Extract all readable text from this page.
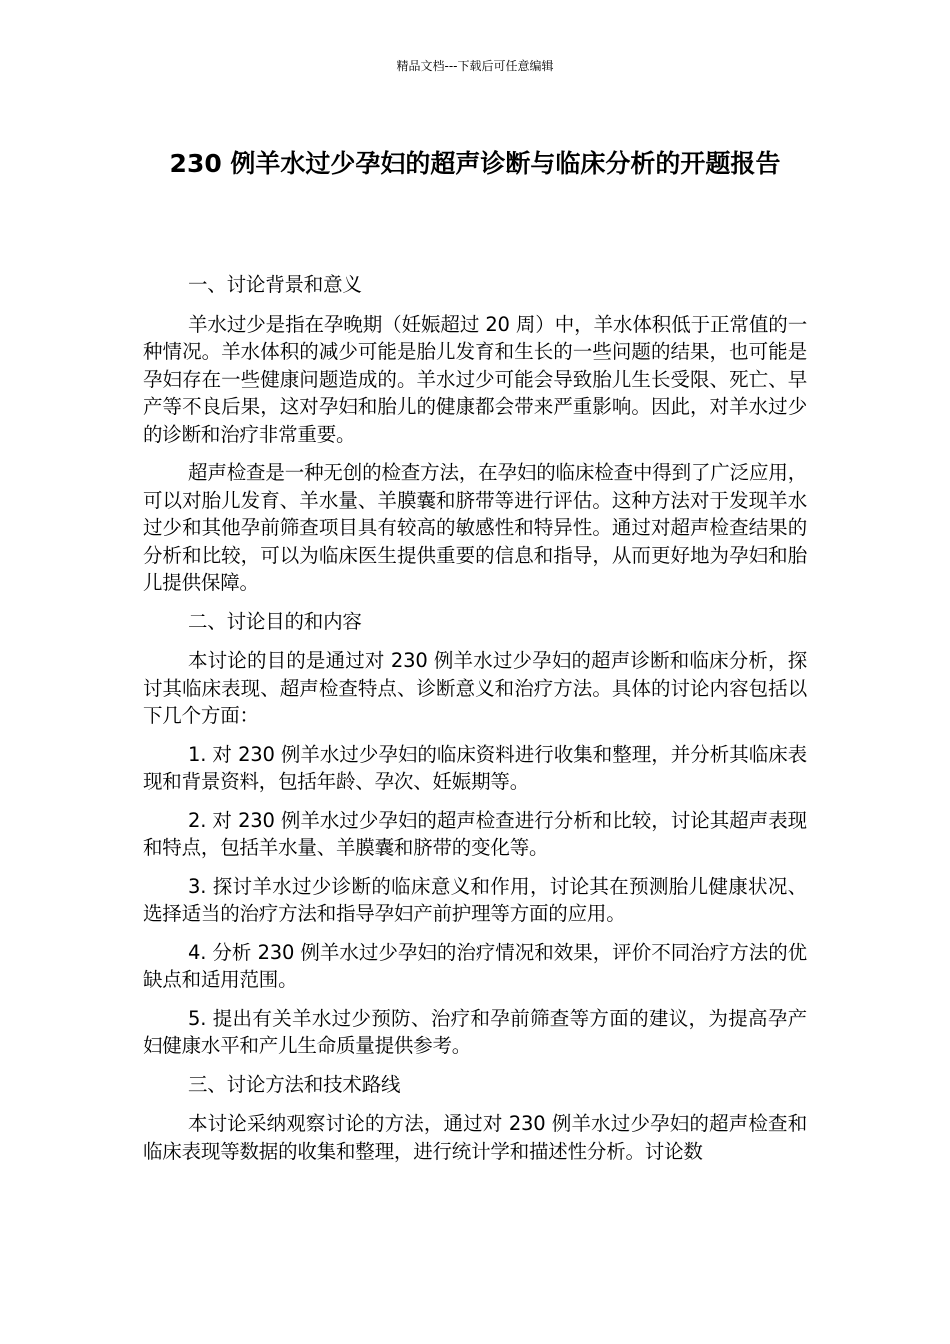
精品文档---下载后可任意编辑
230 例羊水过少孕妇的超声诊断与临床分析的开题报告

一、讨论背景和意义

羊水过少是指在孕晚期（妊娠超过 20 周）中，羊水体积低于正常值的一种情况。羊水体积的减少可能是胎儿发育和生长的一些问题的结果，也可能是孕妇存在一些健康问题造成的。羊水过少可能会导致胎儿生长受限、死亡、早产等不良后果，这对孕妇和胎儿的健康都会带来严重影响。因此，对羊水过少的诊断和治疗非常重要。

超声检查是一种无创的检查方法，在孕妇的临床检查中得到了广泛应用，可以对胎儿发育、羊水量、羊膜囊和脐带等进行评估。这种方法对于发现羊水过少和其他孕前筛查项目具有较高的敏感性和特异性。通过对超声检查结果的分析和比较，可以为临床医生提供重要的信息和指导，从而更好地为孕妇和胎儿提供保障。

二、讨论目的和内容

本讨论的目的是通过对 230 例羊水过少孕妇的超声诊断和临床分析，探讨其临床表现、超声检查特点、诊断意义和治疗方法。具体的讨论内容包括以下几个方面：

1. 对 230 例羊水过少孕妇的临床资料进行收集和整理，并分析其临床表现和背景资料，包括年龄、孕次、妊娠期等。

2. 对 230 例羊水过少孕妇的超声检查进行分析和比较，讨论其超声表现和特点，包括羊水量、羊膜囊和脐带的变化等。

3. 探讨羊水过少诊断的临床意义和作用，讨论其在预测胎儿健康状况、选择适当的治疗方法和指导孕妇产前护理等方面的应用。

4. 分析 230 例羊水过少孕妇的治疗情况和效果，评价不同治疗方法的优缺点和适用范围。

5. 提出有关羊水过少预防、治疗和孕前筛查等方面的建议，为提高孕产妇健康水平和产儿生命质量提供参考。

三、讨论方法和技术路线

本讨论采纳观察讨论的方法，通过对 230 例羊水过少孕妇的超声检查和临床表现等数据的收集和整理，进行统计学和描述性分析。讨论数
